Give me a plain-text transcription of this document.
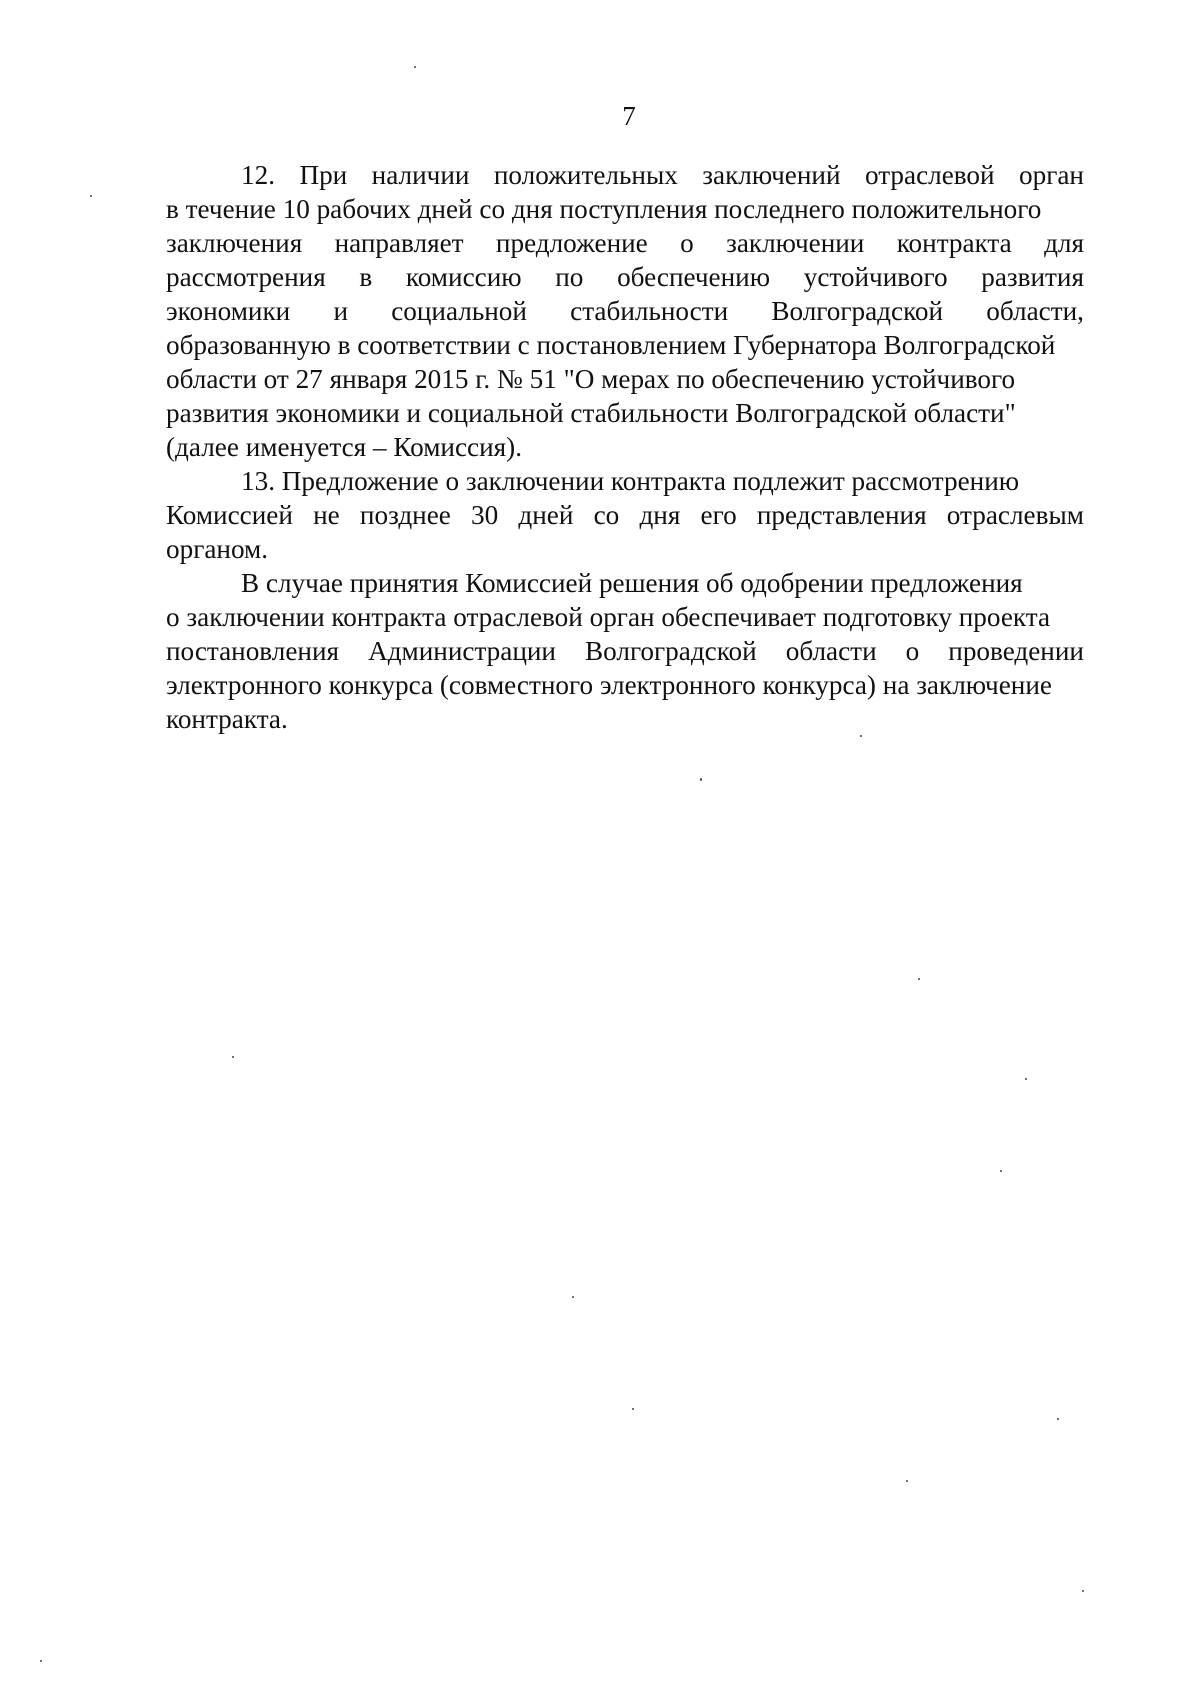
7
12. При наличии положительных заключений отраслевой орган
в течение 10 рабочих дней со дня поступления последнего положительного
заключения направляет предложение о заключении контракта для
рассмотрения в комиссию по обеспечению устойчивого развития
экономики и социальной стабильности Волгоградской области,
образованную в соответствии с постановлением Губернатора Волгоградской
области от 27 января 2015 г. № 51 "О мерах по обеспечению устойчивого
развития экономики и социальной стабильности Волгоградской области"
(далее именуется – Комиссия).
13. Предложение о заключении контракта подлежит рассмотрению
Комиссией не позднее 30 дней со дня его представления отраслевым
органом.
В случае принятия Комиссией решения об одобрении предложения
о заключении контракта отраслевой орган обеспечивает подготовку проекта
постановления Администрации Волгоградской области о проведении
электронного конкурса (совместного электронного конкурса) на заключение
контракта.
